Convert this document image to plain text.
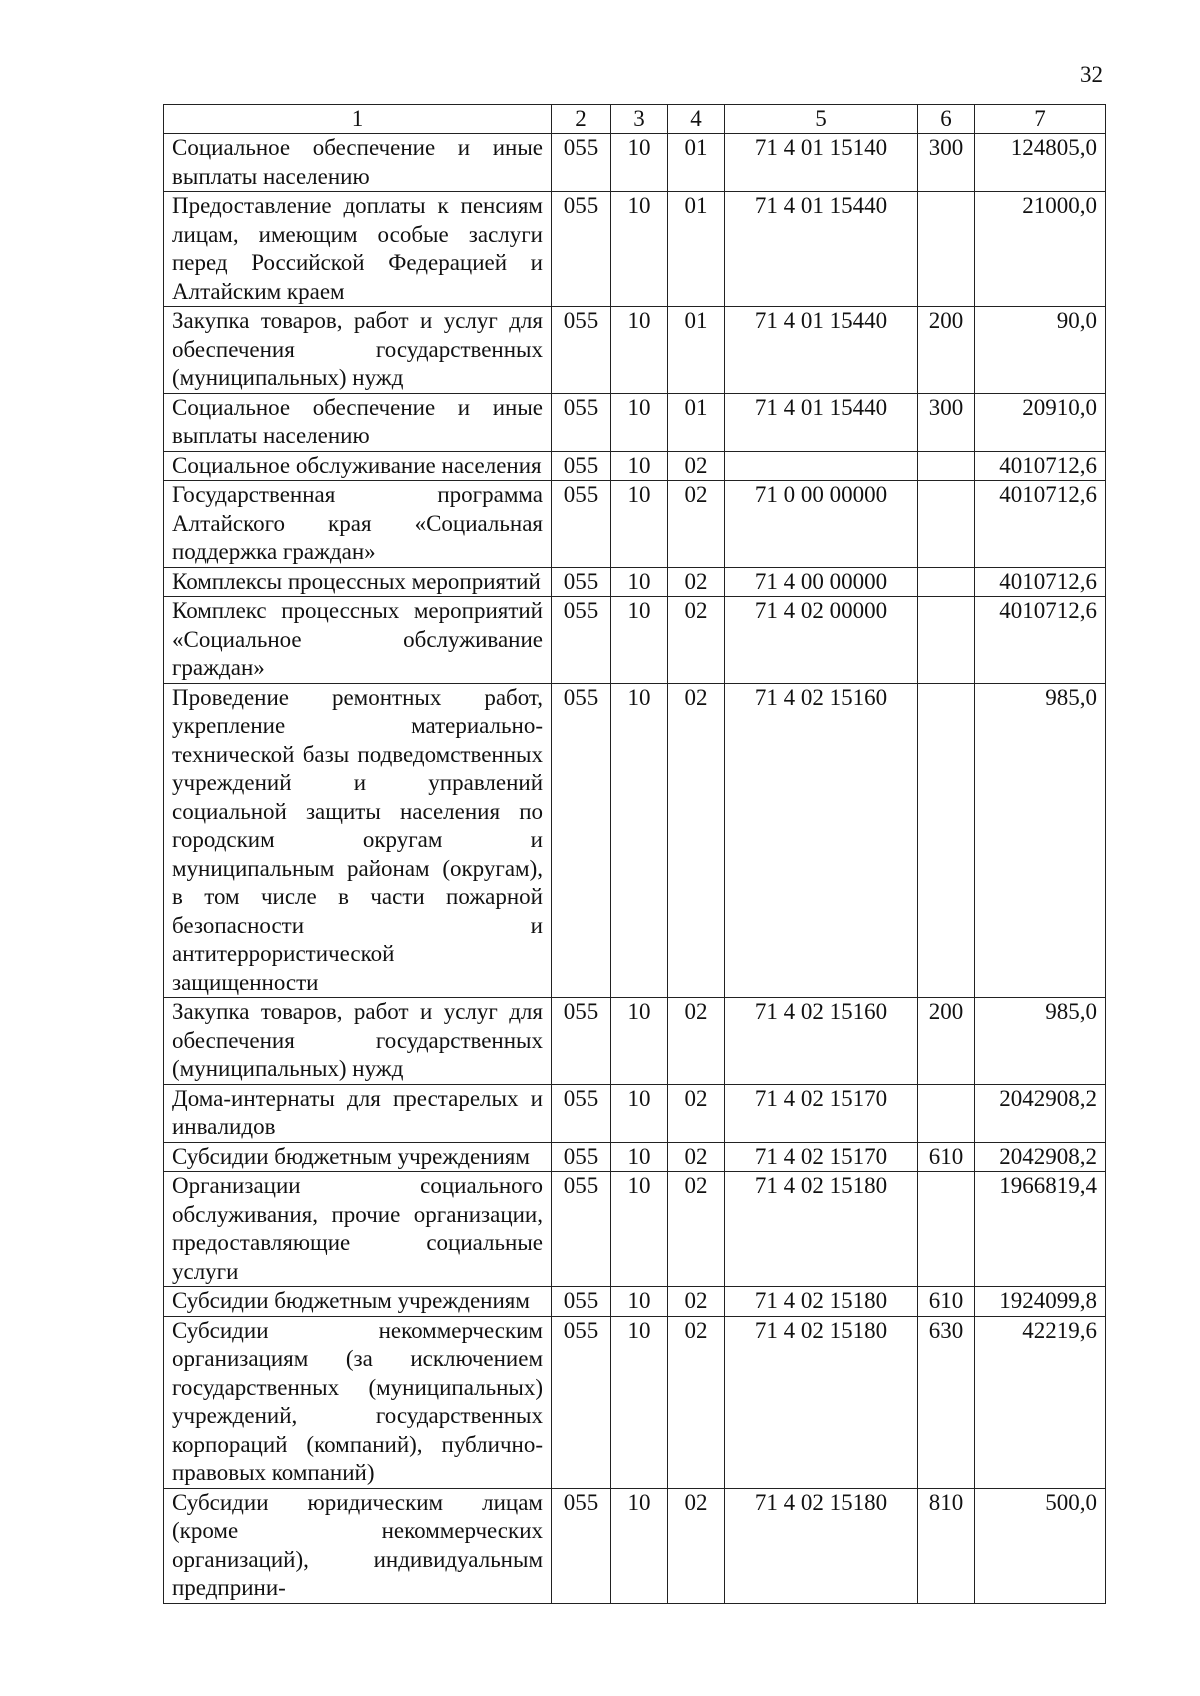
32
1	2	3	4	5	6	7
Социальное обеспечение и иные выплаты населению	055	10	01	71 4 01 15140	300	124805,0
Предоставление доплаты к пенсиям лицам, имеющим особые заслуги перед Российской Федерацией и Алтайским краем	055	10	01	71 4 01 15440		21000,0
Закупка товаров, работ и услуг для обеспечения государственных (муниципальных) нужд	055	10	01	71 4 01 15440	200	90,0
Социальное обеспечение и иные выплаты населению	055	10	01	71 4 01 15440	300	20910,0
Социальное обслуживание населения	055	10	02			4010712,6
Государственная программа Алтайского края «Социальная поддержка граждан»	055	10	02	71 0 00 00000		4010712,6
Комплексы процессных мероприятий	055	10	02	71 4 00 00000		4010712,6
Комплекс процессных мероприятий «Социальное обслуживание граждан»	055	10	02	71 4 02 00000		4010712,6
Проведение ремонтных работ, укрепление материально-технической базы подведомственных учреждений и управлений социальной защиты населения по городским округам и муниципальным районам (округам), в том числе в части пожарной безопасности и антитеррористической защищенности	055	10	02	71 4 02 15160		985,0
Закупка товаров, работ и услуг для обеспечения государственных (муниципальных) нужд	055	10	02	71 4 02 15160	200	985,0
Дома-интернаты для престарелых и инвалидов	055	10	02	71 4 02 15170		2042908,2
Субсидии бюджетным учреждениям	055	10	02	71 4 02 15170	610	2042908,2
Организации социального обслуживания, прочие организации, предоставляющие социальные услуги	055	10	02	71 4 02 15180		1966819,4
Субсидии бюджетным учреждениям	055	10	02	71 4 02 15180	610	1924099,8
Субсидии некоммерческим организациям (за исключением государственных (муниципальных) учреждений, государственных корпораций (компаний), публично-правовых компаний)	055	10	02	71 4 02 15180	630	42219,6
Субсидии юридическим лицам (кроме некоммерческих организаций), индивидуальным предприни-	055	10	02	71 4 02 15180	810	500,0
